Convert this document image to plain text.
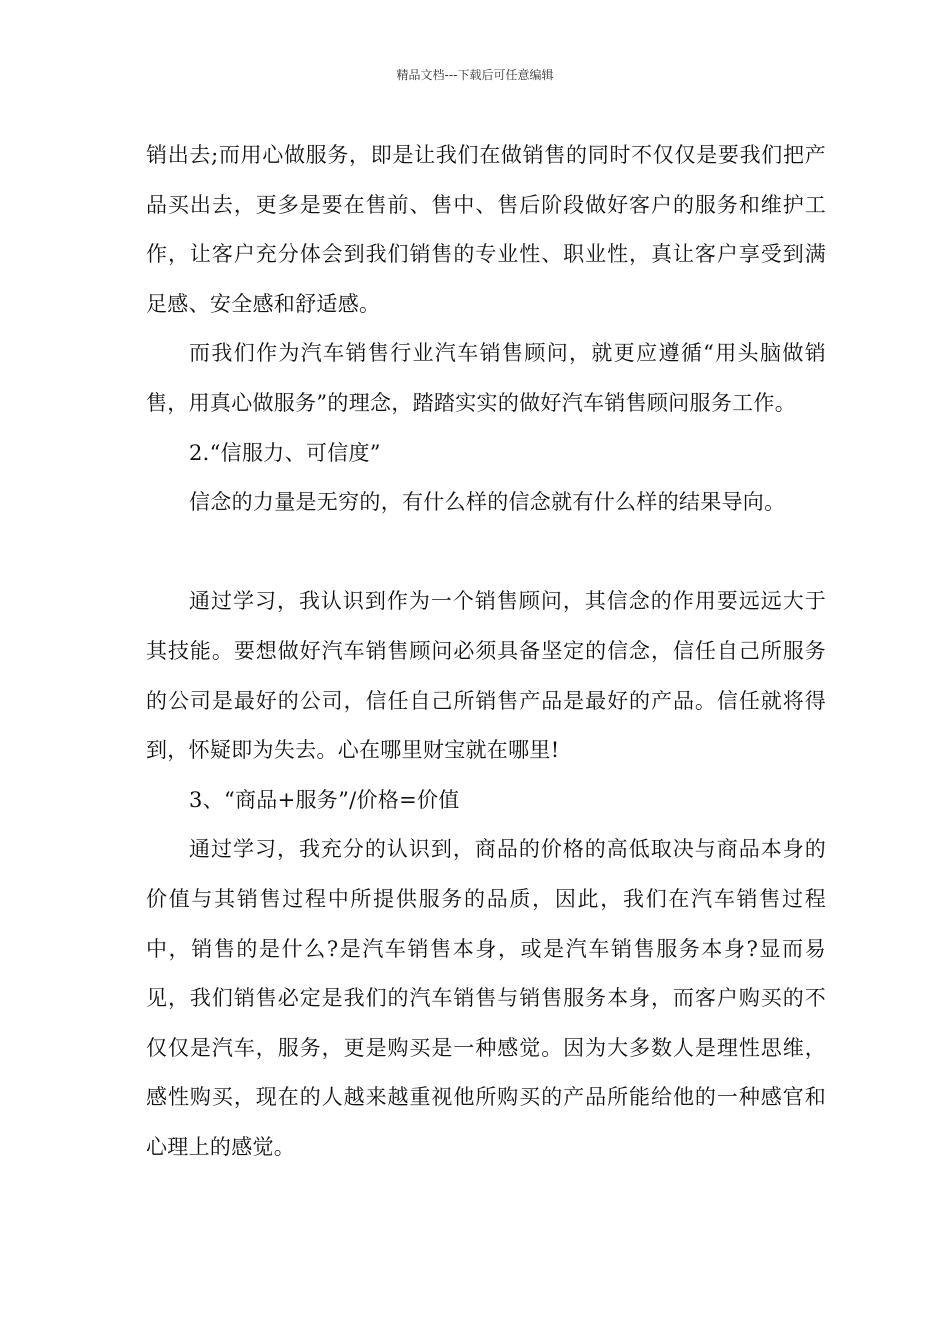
精品文档---下载后可任意编辑

销出去;而用心做服务，即是让我们在做销售的同时不仅仅是要我们把产品买出去，更多是要在售前、售中、售后阶段做好客户的服务和维护工作，让客户充分体会到我们销售的专业性、职业性，真让客户享受到满足感、安全感和舒适感。

而我们作为汽车销售行业汽车销售顾问，就更应遵循“用头脑做销售，用真心做服务”的理念，踏踏实实的做好汽车销售顾问服务工作。

2.“信服力、可信度”

信念的力量是无穷的，有什么样的信念就有什么样的结果导向。

通过学习，我认识到作为一个销售顾问，其信念的作用要远远大于其技能。要想做好汽车销售顾问必须具备坚定的信念，信任自己所服务的公司是最好的公司，信任自己所销售产品是最好的产品。信任就将得到，怀疑即为失去。心在哪里财宝就在哪里!

3、“商品+服务”/价格=价值

通过学习，我充分的认识到，商品的价格的高低取决与商品本身的价值与其销售过程中所提供服务的品质，因此，我们在汽车销售过程中，销售的是什么?是汽车销售本身，或是汽车销售服务本身?显而易见，我们销售必定是我们的汽车销售与销售服务本身，而客户购买的不仅仅是汽车，服务，更是购买是一种感觉。因为大多数人是理性思维，感性购买，现在的人越来越重视他所购买的产品所能给他的一种感官和心理上的感觉。
